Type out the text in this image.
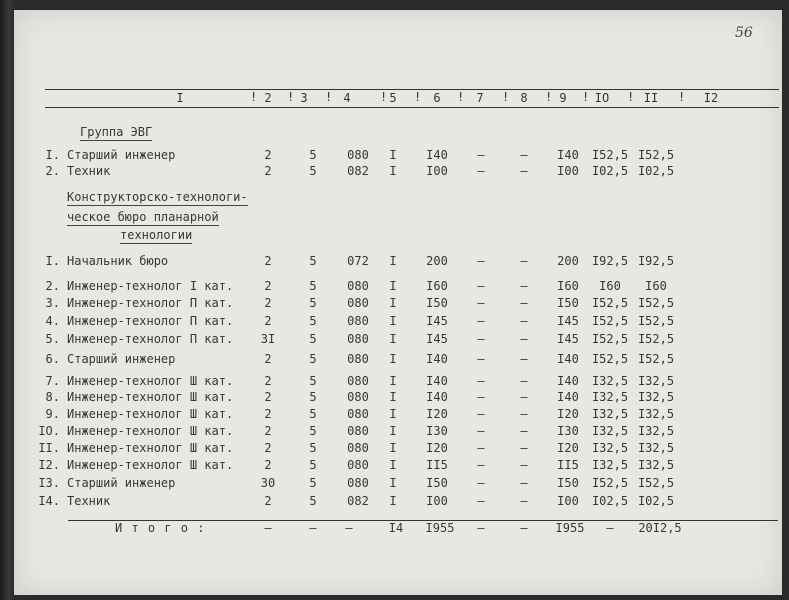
56
I	2	3	4	5	6	7	8	9	IO	II	I2
! !	!	! !	!	!	! !	!	!
Группа ЭВГ
I. Старший инженер	2	5	080	I	I40	–	–	I40	I52,5 I52,5
2. Техник	2	5	082	I	I00	–	–	I00	I02,5 I02,5
Конструкторско-технологи-
ческое бюро планарной
технологии
I. Начальник бюро	2	5	072	I	200	–	–	200	I92,5 I92,5
2. Инженер-технолог I кат.	2	5	080	I	I60	–	–	I60	I60	I60
3. Инженер-технолог П кат.	2	5	080	I	I50	–	–	I50	I52,5 I52,5
4. Инженер-технолог П кат.	2	5	080	I	I45	–	–	I45	I52,5 I52,5
5. Инженер-технолог П кат.	3I	5	080	I	I45	–	–	I45	I52,5 I52,5
6. Старший инженер	2	5	080	I	I40	–	–	I40	I52,5 I52,5
7. Инженер-технолог Ш кат.	2	5	080	I	I40	–	–	I40	I32,5 I32,5
8. Инженер-технолог Ш кат.	2	5	080	I	I40	–	–	I40	I32,5 I32,5
9. Инженер-технолог Ш кат.	2	5	080	I	I20	–	–	I20	I32,5 I32,5
IO. Инженер-технолог Ш кат.	2	5	080	I	I30	–	–	I30	I32,5 I32,5
II. Инженер-технолог Ш кат.	2	5	080	I	I20	–	–	I20	I32,5 I32,5
I2. Инженер-технолог Ш кат.	2	5	080	I	II5	–	–	II5	I32,5 I32,5
I3. Старший инженер	30	5	080	I	I50	–	–	I50	I52,5 I52,5
I4. Техник	2	5	082	I	I00	–	–	I00	I02,5 I02,5
И т о г о :	–	–	–	I4	I955	–	–	I955	–	20I2,5
